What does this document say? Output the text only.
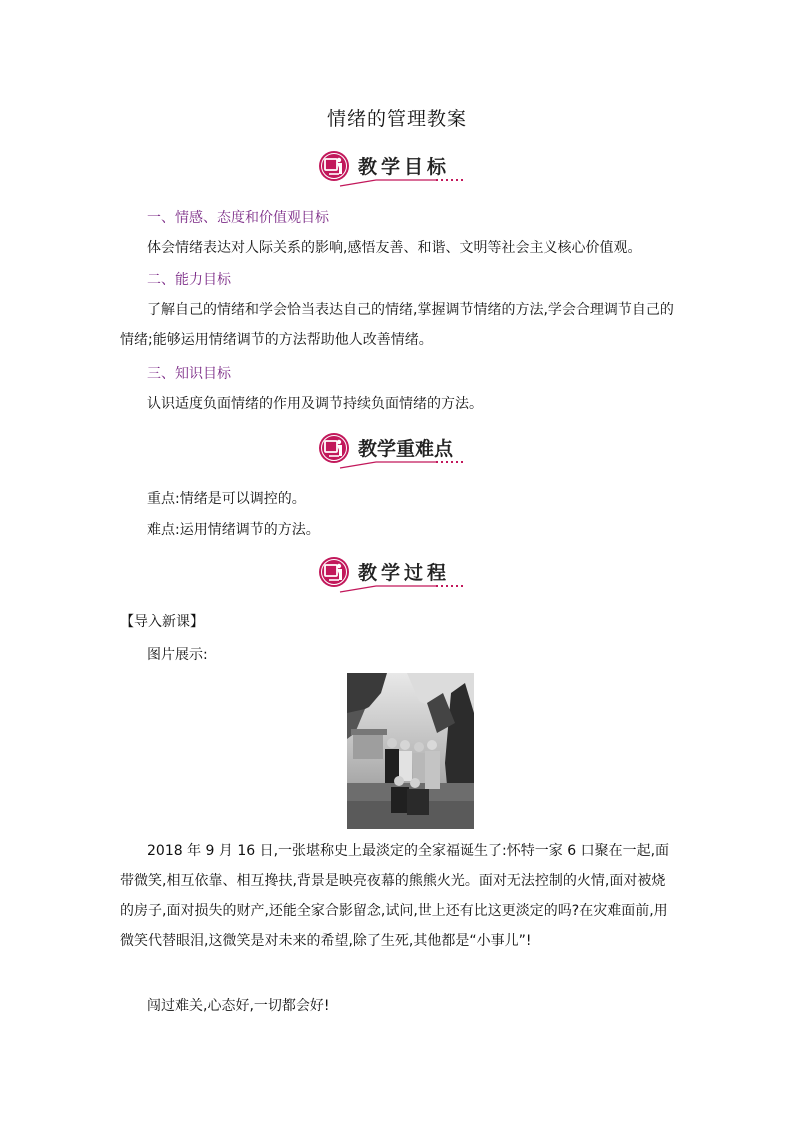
情绪的管理教案
教学目标
一、情感、态度和价值观目标
体会情绪表达对人际关系的影响,感悟友善、和谐、文明等社会主义核心价值观。
二、能力目标
了解自己的情绪和学会恰当表达自己的情绪,掌握调节情绪的方法,学会合理调节自己的情绪;能够运用情绪调节的方法帮助他人改善情绪。
三、知识目标
认识适度负面情绪的作用及调节持续负面情绪的方法。
教学重难点
重点:情绪是可以调控的。
难点:运用情绪调节的方法。
教学过程
【导入新课】
图片展示:
2018 年 9 月 16 日,一张堪称史上最淡定的全家福诞生了:怀特一家 6 口聚在一起,面带微笑,相互依靠、相互搀扶,背景是映亮夜幕的熊熊火光。面对无法控制的火情,面对被烧的房子,面对损失的财产,还能全家合影留念,试问,世上还有比这更淡定的吗?在灾难面前,用微笑代替眼泪,这微笑是对未来的希望,除了生死,其他都是“小事儿”!
闯过难关,心态好,一切都会好!
